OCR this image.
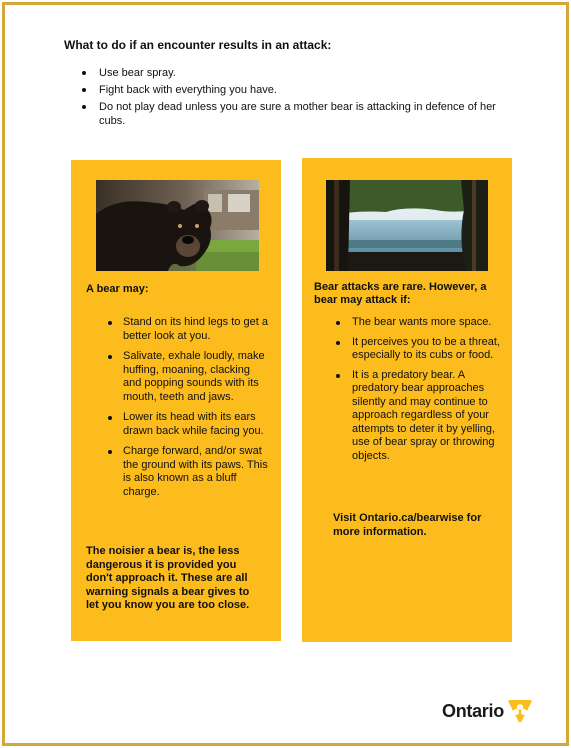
What to do if an encounter results in an attack:
Use bear spray.
Fight back with everything you have.
Do not play dead unless you are sure a mother bear is attacking in defence of her cubs.
A bear may:
Stand on its hind legs to get a better look at you.
Salivate, exhale loudly, make huffing, moaning, clacking and popping sounds with its mouth, teeth and jaws.
Lower its head with its ears drawn back while facing you.
Charge forward, and/or swat the ground with its paws. This is also known as a bluff charge.

The noisier a bear is, the less dangerous it is provided you don't approach it. These are all warning signals a bear gives to let you know you are too close.

Bear attacks are rare. However, a bear may attack if:
The bear wants more space.
It perceives you to be a threat, especially to its cubs or food.
It is a predatory bear. A predatory bear approaches silently and may continue to approach regardless of your attempts to deter it by yelling, use of bear spray or throwing objects.

Visit Ontario.ca/bearwise for more information.

Ontario
